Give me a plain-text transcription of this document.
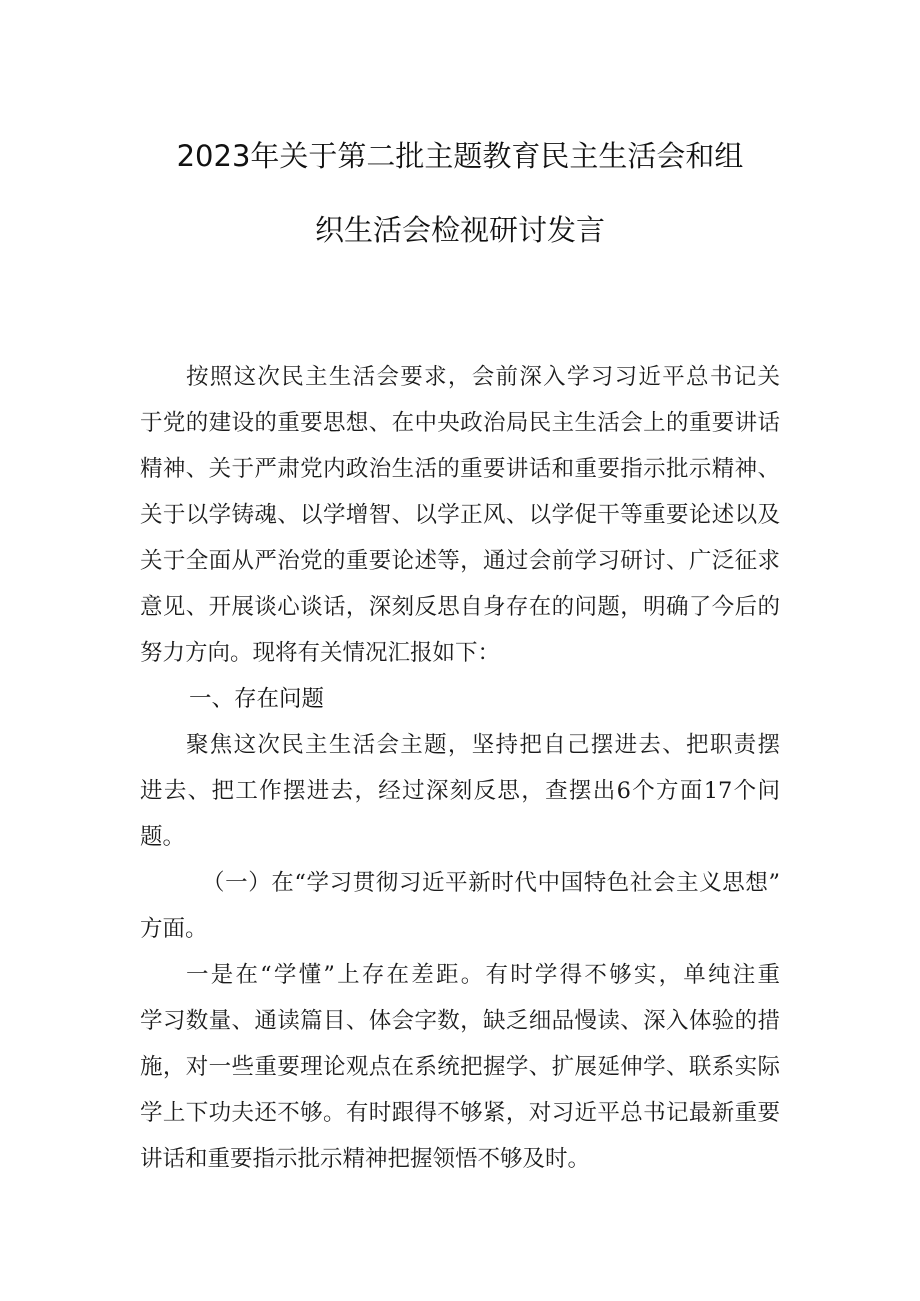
2023年关于第二批主题教育民主生活会和组
织生活会检视研讨发言
按照这次民主生活会要求，会前深入学习习近平总书记关
于党的建设的重要思想、在中央政治局民主生活会上的重要讲话
精神、关于严肃党内政治生活的重要讲话和重要指示批示精神、
关于以学铸魂、以学增智、以学正风、以学促干等重要论述以及
关于全面从严治党的重要论述等，通过会前学习研讨、广泛征求
意见、开展谈心谈话，深刻反思自身存在的问题，明确了今后的
努力方向。现将有关情况汇报如下：
一、存在问题
聚焦这次民主生活会主题，坚持把自己摆进去、把职责摆
进去、把工作摆进去，经过深刻反思，查摆出6个方面17个问
题。
（一）在“学习贯彻习近平新时代中国特色社会主义思想”
方面。
一是在“学懂”上存在差距。有时学得不够实，单纯注重
学习数量、通读篇目、体会字数，缺乏细品慢读、深入体验的措
施，对一些重要理论观点在系统把握学、扩展延伸学、联系实际
学上下功夫还不够。有时跟得不够紧，对习近平总书记最新重要
讲话和重要指示批示精神把握领悟不够及时。
